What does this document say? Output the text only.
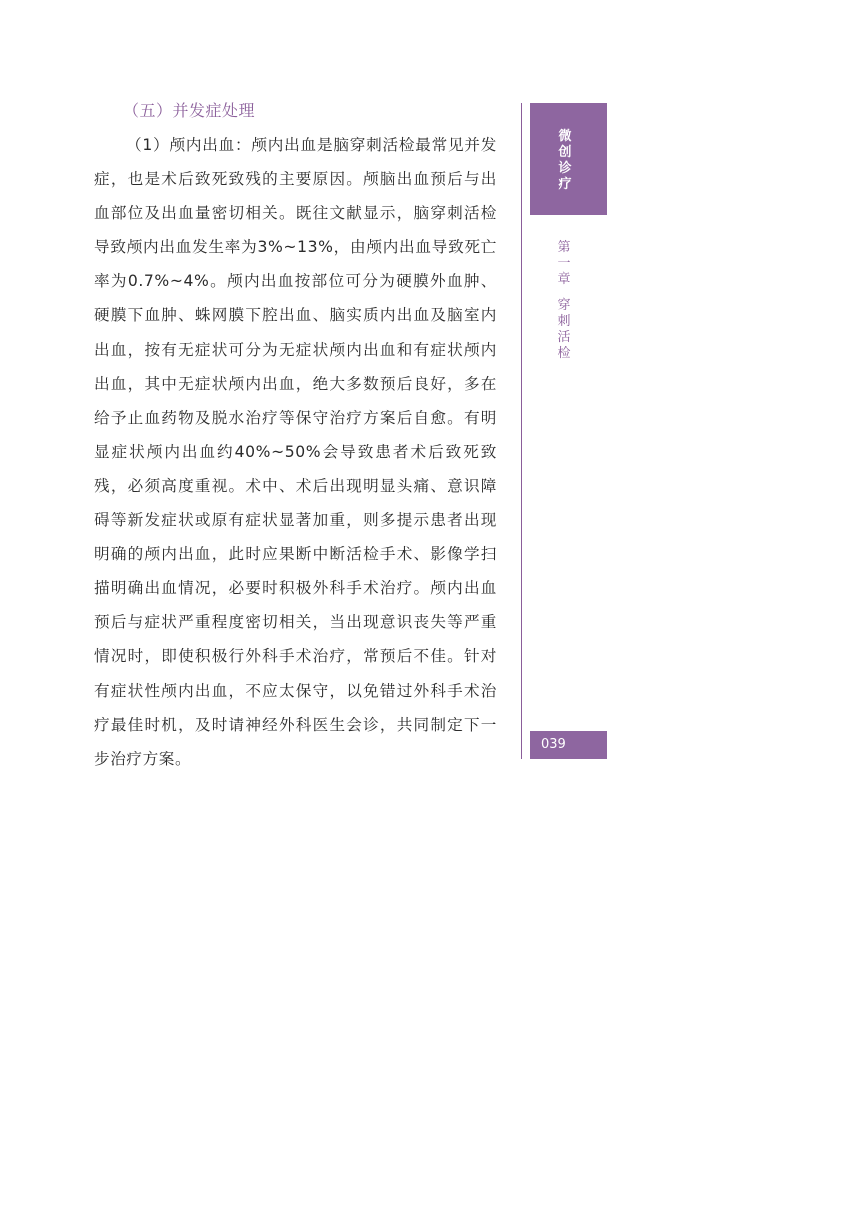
（五）并发症处理

（1）颅内出血：颅内出血是脑穿刺活检最常见并发症，也是术后致死致残的主要原因。颅脑出血预后与出血部位及出血量密切相关。既往文献显示，脑穿刺活检导致颅内出血发生率为3%~13%，由颅内出血导致死亡率为0.7%~4%。颅内出血按部位可分为硬膜外血肿、硬膜下血肿、蛛网膜下腔出血、脑实质内出血及脑室内出血，按有无症状可分为无症状颅内出血和有症状颅内出血，其中无症状颅内出血，绝大多数预后良好，多在给予止血药物及脱水治疗等保守治疗方案后自愈。有明显症状颅内出血约40%~50%会导致患者术后致死致残，必须高度重视。术中、术后出现明显头痛、意识障碍等新发症状或原有症状显著加重，则多提示患者出现明确的颅内出血，此时应果断中断活检手术、影像学扫描明确出血情况，必要时积极外科手术治疗。颅内出血预后与症状严重程度密切相关，当出现意识丧失等严重情况时，即使积极行外科手术治疗，常预后不佳。针对有症状性颅内出血，不应太保守，以免错过外科手术治疗最佳时机，及时请神经外科医生会诊，共同制定下一步治疗方案。

微创诊疗
第一章
穿刺活检
039
